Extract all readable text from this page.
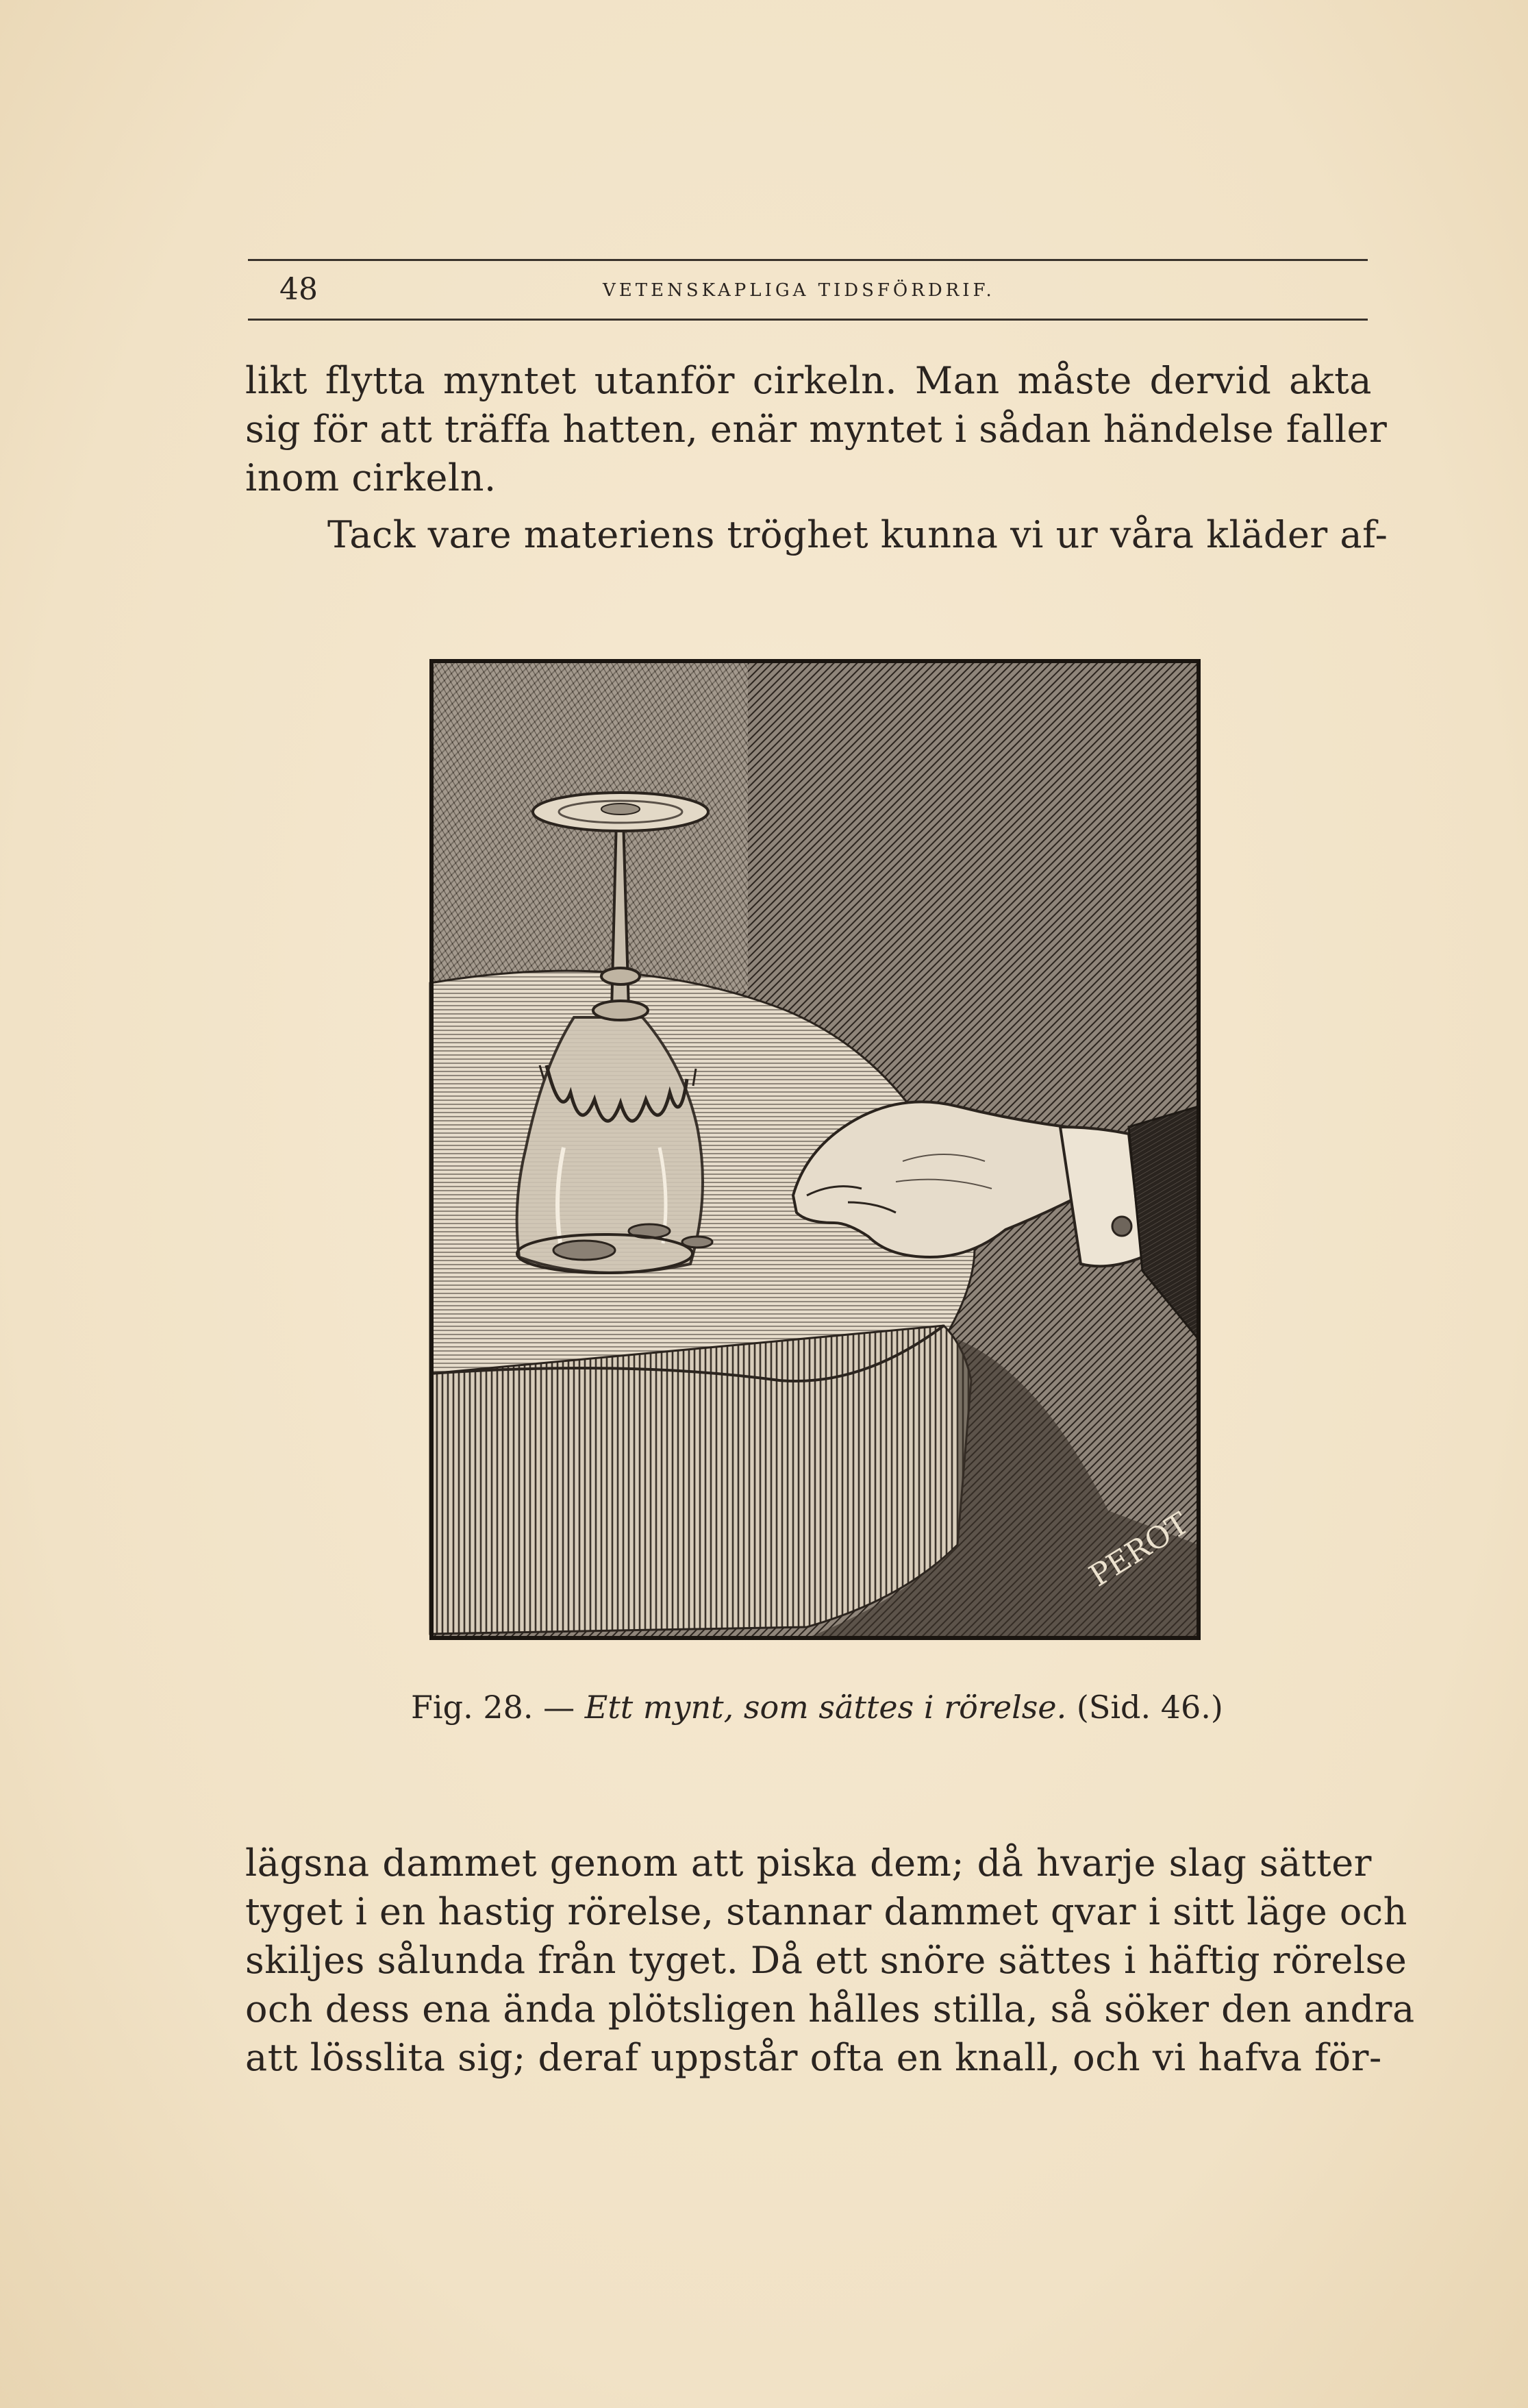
48	VETENSKAPLIGA TIDSFÖRDRIF.
likt flytta myntet utanför cirkeln. Man måste dervid akta
sig för att träffa hatten, enär myntet i sådan händelse faller
inom cirkeln.
Tack vare materiens tröghet kunna vi ur våra kläder af-
PEROT
Fig. 28. — Ett mynt, som sättes i rörelse. (Sid. 46.)
lägsna dammet genom att piska dem; då hvarje slag sätter
tyget i en hastig rörelse, stannar dammet qvar i sitt läge och
skiljes sålunda från tyget. Då ett snöre sättes i häftig rörelse
och dess ena ända plötsligen hålles stilla, så söker den andra
att lösslita sig; deraf uppstår ofta en knall, och vi hafva för-
